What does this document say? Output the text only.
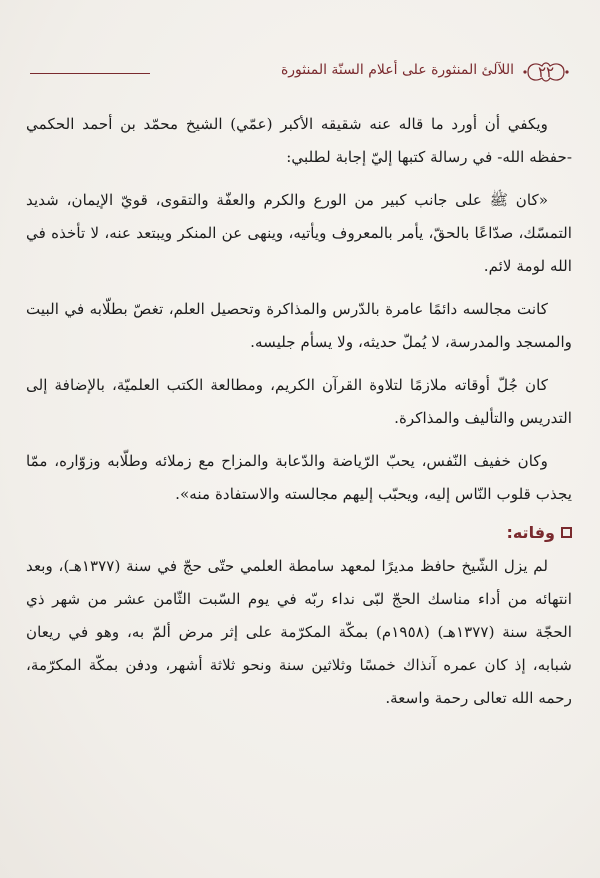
٢٢
اللآلئ المنثورة على أعلام السنّة المنثورة

ويكفي أن أورد ما قاله عنه شقيقه الأكبر (عمّي) الشيخ محمّد بن أحمد الحكمي -حفظه الله- في رسالة كتبها إليّ إجابة لطلبي:

«كان ﷺ على جانب كبير من الورع والكرم والعفّة والتقوى، قويّ الإيمان، شديد التمسّك، صدّاعًا بالحقّ، يأمر بالمعروف ويأتيه، وينهى عن المنكر ويبتعد عنه، لا تأخذه في الله لومة لائم.

كانت مجالسه دائمًا عامرة بالدّرس والمذاكرة وتحصيل العلم، تغصّ بطلّابه في البيت والمسجد والمدرسة، لا يُملّ حديثه، ولا يسأم جليسه.

كان جُلّ أوقاته ملازمًا لتلاوة القرآن الكريم، ومطالعة الكتب العلميّة، بالإضافة إلى التدريس والتأليف والمذاكرة.

وكان خفيف النّفس، يحبّ الرّياضة والدّعابة والمزاح مع زملائه وطلّابه وزوّاره، ممّا يجذب قلوب النّاس إليه، ويحبّب إليهم مجالسته والاستفادة منه».

وفاته:

لم يزل الشّيخ حافظ مديرًا لمعهد سامطة العلمي حتّى حجّ في سنة (١٣٧٧هـ)، وبعد انتهائه من أداء مناسك الحجّ لبّى نداء ربّه في يوم السّبت الثّامن عشر من شهر ذي الحجّة سنة (١٣٧٧هـ) (١٩٥٨م) بمكّة المكرّمة على إثر مرض ألمّ به، وهو في ريعان شبابه، إذ كان عمره آنذاك خمسًا وثلاثين سنة ونحو ثلاثة أشهر، ودفن بمكّة المكرّمة، رحمه الله تعالى رحمة واسعة.
